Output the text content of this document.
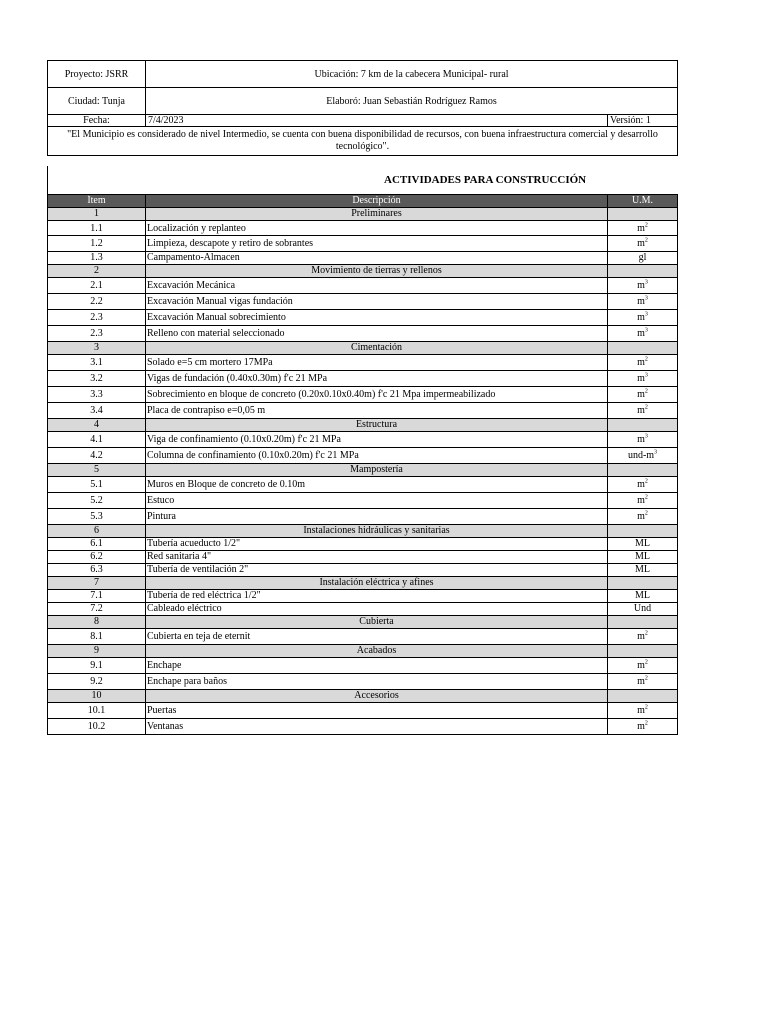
Proyecto: JSRR	Ubicación: 7 km de la cabecera Municipal- rural	
Ciudad: Tunja	Elaboró: Juan Sebastián Rodríguez Ramos	
Fecha:	7/4/2023	Versión: 1
"El Municipio es considerado de nivel Intermedio, se cuenta con buena disponibilidad de recursos, con buena infraestructura comercial y desarrollo tecnológico".		
ACTIVIDADES PARA CONSTRUCCIÓN
Ítem	Descripción	U.M.
1	Preliminares	
1.1	Localización y replanteo	$m^2$
1.2	Limpieza, descapote y retiro de sobrantes	$m^2$
1.3	Campamento-Almacen	gl
2	Movimiento de tierras y rellenos	
2.1	Excavación Mecánica	$m^3$
2.2	Excavación Manual vigas fundación	$m^3$
2.3	Excavación Manual sobrecimiento	$m^3$
2.3	Relleno con material seleccionado	$m^3$
3	Cimentación	
3.1	Solado e=5 cm mortero 17MPa	$m^2$
3.2	Vigas de fundación (0.40x0.30m) f'c 21 MPa	$m^3$
3.3	Sobrecimiento en bloque de concreto (0.20x0.10x0.40m) f'c 21 Mpa impermeabilizado	$m^2$
3.4	Placa de contrapiso e=0,05 m	$m^2$
4	Estructura	
4.1	Viga de confinamiento (0.10x0.20m) f'c 21 MPa	$m^3$
4.2	Columna de confinamiento (0.10x0.20m) f'c 21 MPa	und-$m^3$
5	Mampostería	
5.1	Muros en Bloque de concreto de 0.10m	$m^2$
5.2	Estuco	$m^2$
5.3	Pintura	$m^2$
6	Instalaciones hidráulicas y sanitarias	
6.1	Tubería acueducto 1/2"	ML
6.2	Red sanitaria 4"	ML
6.3	Tubería de ventilación 2"	ML
7	Instalación eléctrica y afines	
7.1	Tubería de red eléctrica 1/2"	ML
7.2	Cableado eléctrico	Und
8	Cubierta	
8.1	Cubierta en teja de eternit	$m^2$
9	Acabados	
9.1	Enchape	$m^2$
9.2	Enchape para baños	$m^2$
10	Accesorios	
10.1	Puertas	$m^2$
10.2	Ventanas	$m^2$
